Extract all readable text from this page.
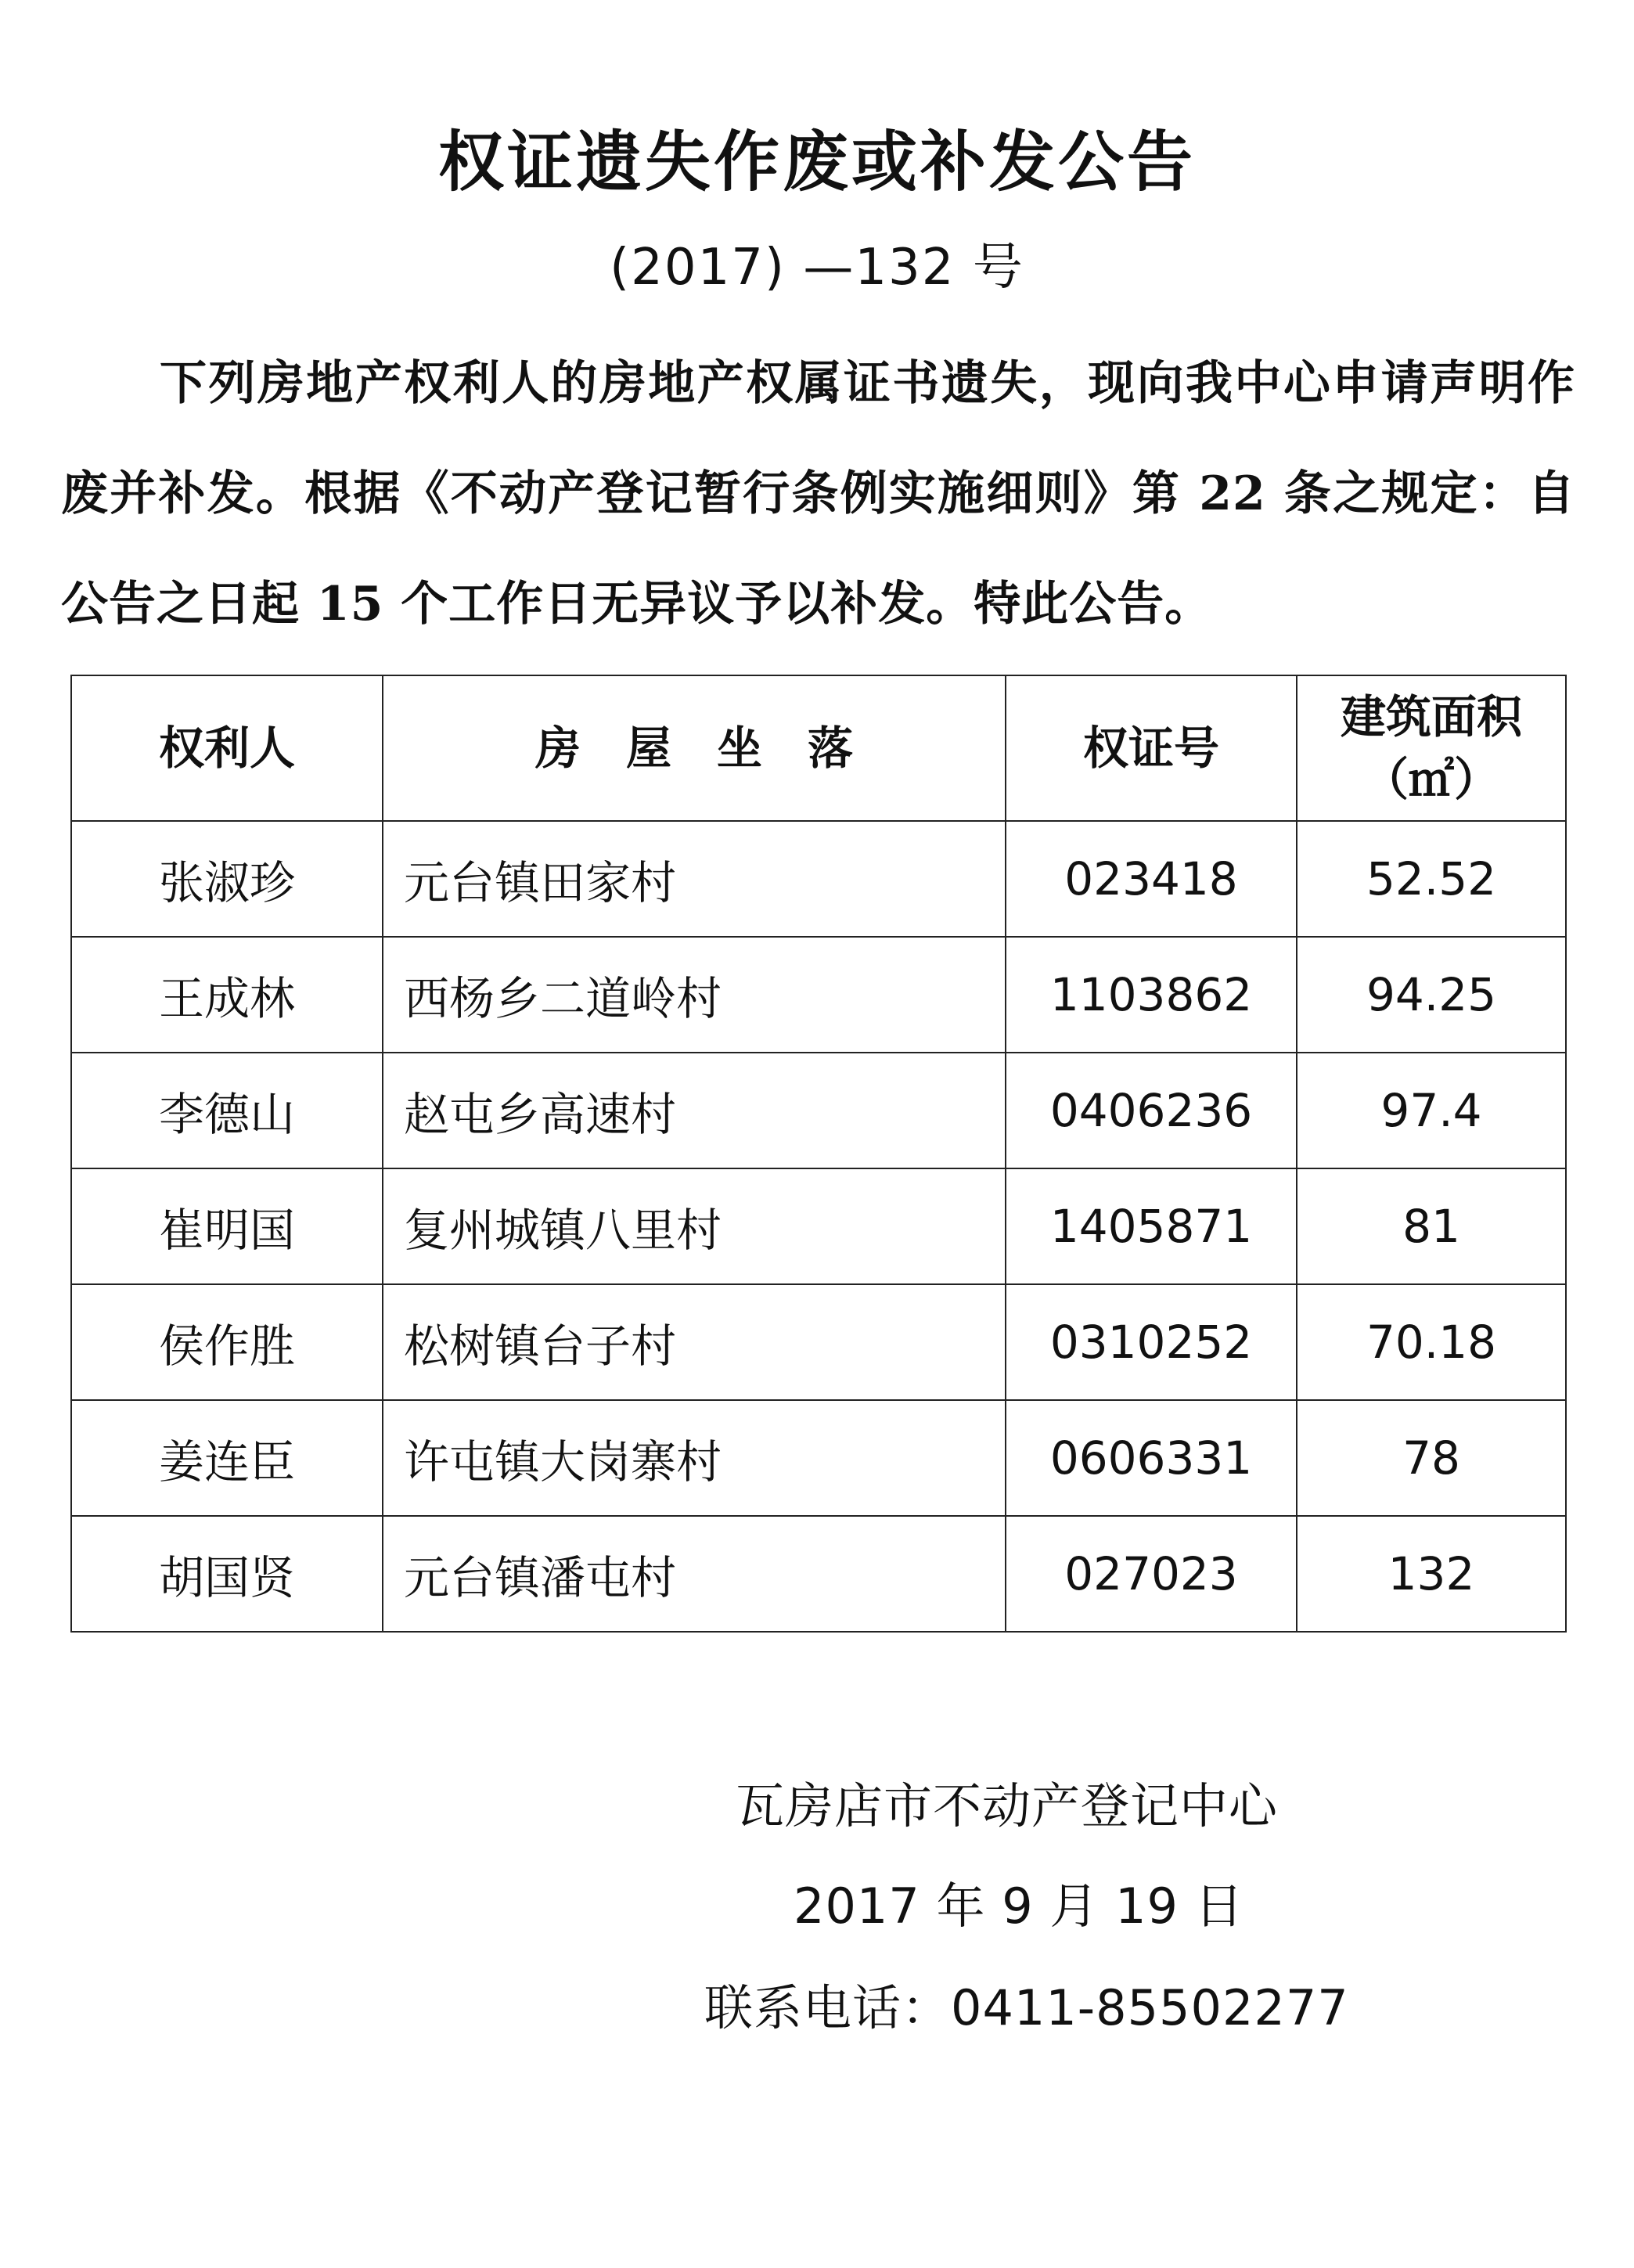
权证遗失作废或补发公告
(2017) —132 号
下列房地产权利人的房地产权属证书遗失，现向我中心申请声明作废并补发。根据《不动产登记暂行条例实施细则》第 22 条之规定：自公告之日起 15 个工作日无异议予以补发。特此公告。
权利人	房　屋　坐　落	权证号	建筑面积
（㎡）

张淑珍	元台镇田家村	023418	52.52
王成林	西杨乡二道岭村	1103862	94.25
李德山	赵屯乡高速村	0406236	97.4
崔明国	复州城镇八里村	1405871	81
侯作胜	松树镇台子村	0310252	70.18
姜连臣	许屯镇大岗寨村	0606331	78
胡国贤	元台镇潘屯村	027023	132
瓦房店市不动产登记中心
2017 年 9 月 19 日
联系电话：0411-85502277
